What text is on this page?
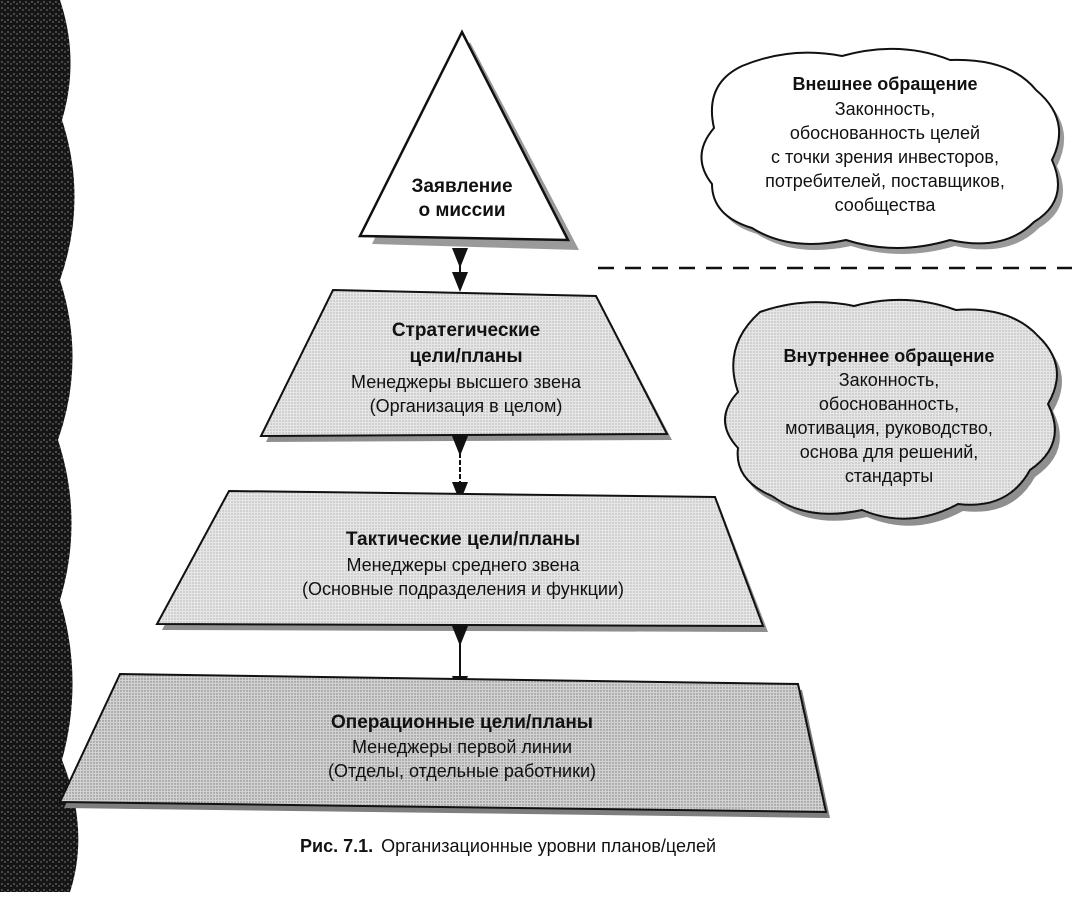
Заявление
о миссии
Стратегические
цели/планы
Менеджеры высшего звена
(Организация в целом)
Тактические цели/планы
Менеджеры среднего звена
(Основные подразделения и функции)
Операционные цели/планы
Менеджеры первой линии
(Отделы, отдельные работники)
Внешнее обращение
Законность,
обоснованность целей
с точки зрения инвесторов,
потребителей, поставщиков,
сообщества
Внутреннее обращение
Законность,
обоснованность,
мотивация, руководство,
основа для решений,
стандарты
Рис. 7.1. Организационные уровни планов/целей
